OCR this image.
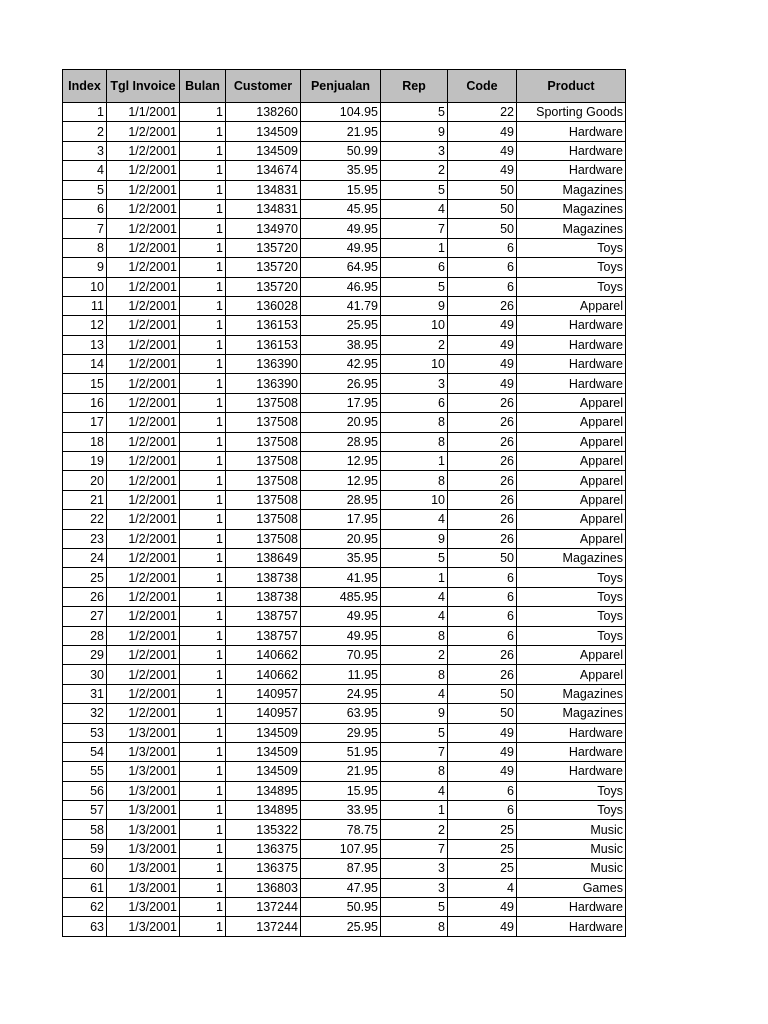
Index	Tgl Invoice	Bulan	Customer	Penjualan	Rep	Code	Product
1	1/1/2001	1	138260	104.95	5	22	Sporting Goods
2	1/2/2001	1	134509	21.95	9	49	Hardware
3	1/2/2001	1	134509	50.99	3	49	Hardware
4	1/2/2001	1	134674	35.95	2	49	Hardware
5	1/2/2001	1	134831	15.95	5	50	Magazines
6	1/2/2001	1	134831	45.95	4	50	Magazines
7	1/2/2001	1	134970	49.95	7	50	Magazines
8	1/2/2001	1	135720	49.95	1	6	Toys
9	1/2/2001	1	135720	64.95	6	6	Toys
10	1/2/2001	1	135720	46.95	5	6	Toys
11	1/2/2001	1	136028	41.79	9	26	Apparel
12	1/2/2001	1	136153	25.95	10	49	Hardware
13	1/2/2001	1	136153	38.95	2	49	Hardware
14	1/2/2001	1	136390	42.95	10	49	Hardware
15	1/2/2001	1	136390	26.95	3	49	Hardware
16	1/2/2001	1	137508	17.95	6	26	Apparel
17	1/2/2001	1	137508	20.95	8	26	Apparel
18	1/2/2001	1	137508	28.95	8	26	Apparel
19	1/2/2001	1	137508	12.95	1	26	Apparel
20	1/2/2001	1	137508	12.95	8	26	Apparel
21	1/2/2001	1	137508	28.95	10	26	Apparel
22	1/2/2001	1	137508	17.95	4	26	Apparel
23	1/2/2001	1	137508	20.95	9	26	Apparel
24	1/2/2001	1	138649	35.95	5	50	Magazines
25	1/2/2001	1	138738	41.95	1	6	Toys
26	1/2/2001	1	138738	485.95	4	6	Toys
27	1/2/2001	1	138757	49.95	4	6	Toys
28	1/2/2001	1	138757	49.95	8	6	Toys
29	1/2/2001	1	140662	70.95	2	26	Apparel
30	1/2/2001	1	140662	11.95	8	26	Apparel
31	1/2/2001	1	140957	24.95	4	50	Magazines
32	1/2/2001	1	140957	63.95	9	50	Magazines
53	1/3/2001	1	134509	29.95	5	49	Hardware
54	1/3/2001	1	134509	51.95	7	49	Hardware
55	1/3/2001	1	134509	21.95	8	49	Hardware
56	1/3/2001	1	134895	15.95	4	6	Toys
57	1/3/2001	1	134895	33.95	1	6	Toys
58	1/3/2001	1	135322	78.75	2	25	Music
59	1/3/2001	1	136375	107.95	7	25	Music
60	1/3/2001	1	136375	87.95	3	25	Music
61	1/3/2001	1	136803	47.95	3	4	Games
62	1/3/2001	1	137244	50.95	5	49	Hardware
63	1/3/2001	1	137244	25.95	8	49	Hardware
